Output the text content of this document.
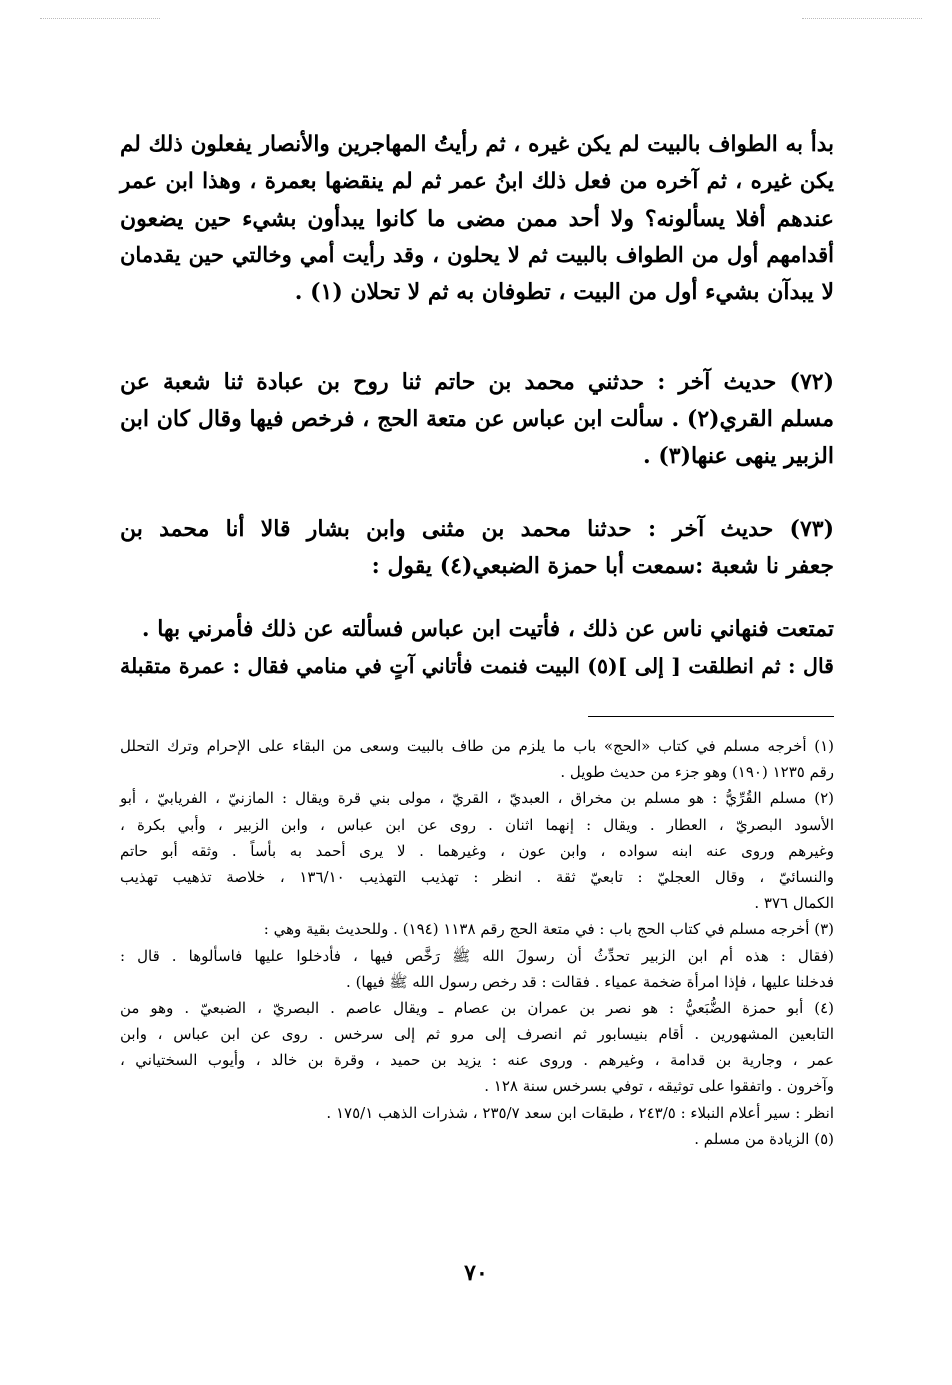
بدأ به الطواف بالبيت لم يكن غيره ، ثم رأيتُ المهاجرين والأنصار يفعلون ذلك لم
يكن غيره ، ثم آخره من فعل ذلك ابنُ عمر ثم لم ينقضها بعمرة ، وهذا ابن عمر
عندهم أفلا يسألونه؟ ولا أحد ممن مضى ما كانوا يبدأون بشيء حين يضعون
أقدامهم أول من الطواف بالبيت ثم لا يحلون ، وقد رأيت أمي وخالتي حين يقدمان
لا يبدآن بشيء أول من البيت ، تطوفان به ثم لا تحلان (١) .
(٧٢) حديث آخر : حدثني محمد بن حاتم ثنا روح بن عبادة ثنا شعبة عن
مسلم القري(٢) . سألت ابن عباس عن متعة الحج ، فرخص فيها وقال كان ابن
الزبير ينهى عنها(٣) .
(٧٣) حديث آخر : حدثنا محمد بن مثنى وابن بشار قالا أنا محمد بن
جعفر نا شعبة :سمعت أبا حمزة الضبعي(٤) يقول :
تمتعت فنهاني ناس عن ذلك ، فأتيت ابن عباس فسألته عن ذلك فأمرني بها .
قال : ثم انطلقت [ إلى ](٥) البيت فنمت فأتاني آتٍ في منامي فقال : عمرة متقبلة
(١) أخرجه مسلم في كتاب «الحج» باب ما يلزم من طاف بالبيت وسعى من البقاء على الإحرام وترك التحلل
رقم ١٢٣٥ (١٩٠) وهو جزء من حديث طويل .
(٢) مسلم القُرِّيُّ : هو مسلم بن مخراق ، العبديّ ، القريّ ، مولى بني قرة ويقال : المازنيّ ، الفريابيّ ، أبو
الأسود البصريّ ، العطار . ويقال : إنهما اثنان . روى عن ابن عباس ، وابن الزبير ، وأبي بكرة ،
وغيرهم وروى عنه ابنه سواده ، وابن عون ، وغيرهما . لا يرى أحمد به بأساً . وثقه أبو حاتم
والنسائيّ ، وقال العجليّ : تابعيّ ثقة . انظر : تهذيب التهذيب ١٣٦/١٠ ، خلاصة تذهيب تهذيب
الكمال ٣٧٦ .
(٣) أخرجه مسلم في كتاب الحج باب : في متعة الحج رقم ١١٣٨ (١٩٤) . وللحديث بقية وهي :
(فقال : هذه أم ابن الزبير تحدِّثُ أن رسولَ الله ﷺ رَخَّص فيها ، فأدخلوا عليها فاسألوها . قال :
فدخلنا عليها ، فإذا امرأة ضخمة عمياء . فقالت : قد رخص رسول الله ﷺ فيها) .
(٤) أبو حمزة الضُّبَعيُّ : هو نصر بن عمران بن عصام ـ ويقال عاصم . البصريّ ، الضبعيّ . وهو من
التابعين المشهورين . أقام بنيسابور ثم انصرف إلى مرو ثم إلى سرخس . روى عن ابن عباس ، وابن
عمر ، وجارية بن قدامة ، وغيرهم . وروى عنه : يزيد بن حميد ، وقرة بن خالد ، وأيوب السختياني ،
وآخرون . واتفقوا على توثيقه ، توفي بسرخس سنة ١٢٨ .
انظر : سير أعلام النبلاء : ٢٤٣/٥ ، طبقات ابن سعد ٢٣٥/٧ ، شذرات الذهب ١٧٥/١ .
(٥) الزيادة من مسلم .
٧٠
